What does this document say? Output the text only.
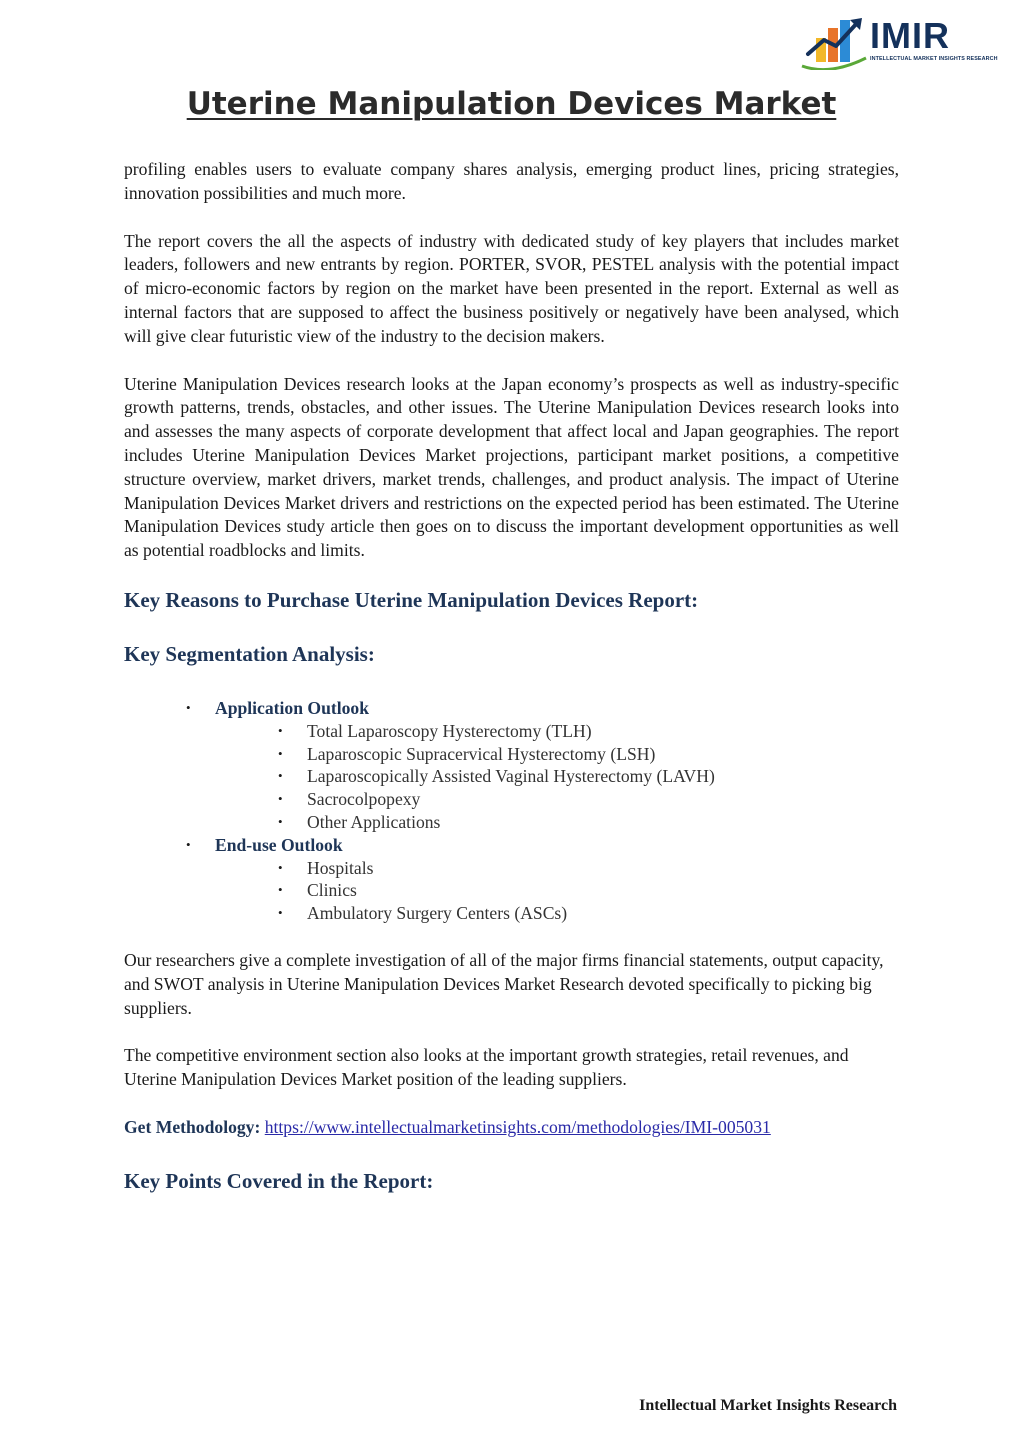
IMIR
INTELLECTUAL MARKET INSIGHTS RESEARCH
Uterine Manipulation Devices Market

profiling enables users to evaluate company shares analysis, emerging product lines, pricing strategies, innovation possibilities and much more.

The report covers the all the aspects of industry with dedicated study of key players that includes market leaders, followers and new entrants by region. PORTER, SVOR, PESTEL analysis with the potential impact of micro-economic factors by region on the market have been presented in the report. External as well as internal factors that are supposed to affect the business positively or negatively have been analysed, which will give clear futuristic view of the industry to the decision makers.

Uterine Manipulation Devices research looks at the Japan economy’s prospects as well as industry-specific growth patterns, trends, obstacles, and other issues. The Uterine Manipulation Devices research looks into and assesses the many aspects of corporate development that affect local and Japan geographies. The report includes Uterine Manipulation Devices Market projections, participant market positions, a competitive structure overview, market drivers, market trends, challenges, and product analysis. The impact of Uterine Manipulation Devices Market drivers and restrictions on the expected period has been estimated. The Uterine Manipulation Devices study article then goes on to discuss the important development opportunities as well as potential roadblocks and limits.

Key Reasons to Purchase Uterine Manipulation Devices Report:
Key Segmentation Analysis:
• Application Outlook
• Total Laparoscopy Hysterectomy (TLH)
• Laparoscopic Supracervical Hysterectomy (LSH)
• Laparoscopically Assisted Vaginal Hysterectomy (LAVH)
• Sacrocolpopexy
• Other Applications
• End-use Outlook
• Hospitals
• Clinics
• Ambulatory Surgery Centers (ASCs)

Our researchers give a complete investigation of all of the major firms financial statements, output capacity, and SWOT analysis in Uterine Manipulation Devices Market Research devoted specifically to picking big suppliers.

The competitive environment section also looks at the important growth strategies, retail revenues, and Uterine Manipulation Devices Market position of the leading suppliers.

Get Methodology: https://www.intellectualmarketinsights.com/methodologies/IMI-005031

Key Points Covered in the Report:
Intellectual Market Insights Research
